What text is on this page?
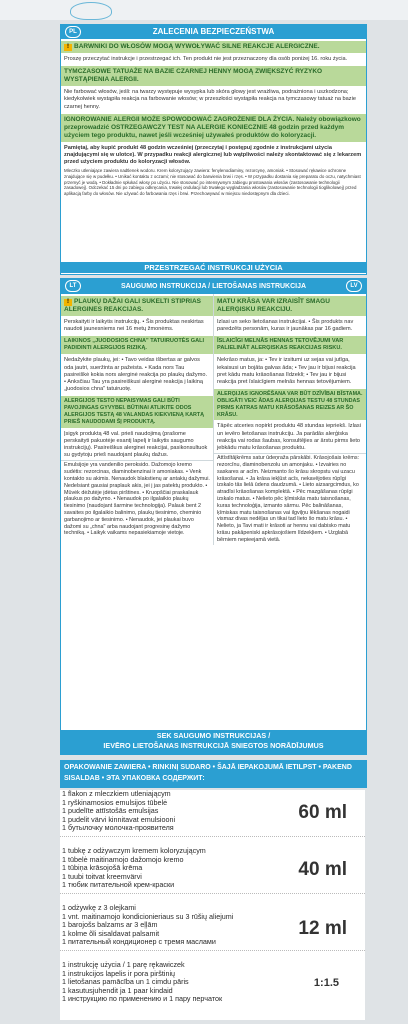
PL	ZALECENIA BEZPIECZEŃSTWA
! BARWNIKI DO WŁOSÓW MOGĄ WYWOŁYWAĆ SILNE REAKCJE ALERGICZNE.
Proszę przeczytać instrukcje i przestrzegać ich. Ten produkt nie jest przeznaczony dla osób poniżej 16. roku życia.
TYMCZASOWE TATUAŻE NA BAZIE CZARNEJ HENNY MOGĄ ZWIĘKSZYĆ RYZYKO WYSTĄPIENIA ALERGII.
Nie farbować włosów, jeśli: na twarzy występuje wysypka lub skóra głowy jest wrażliwa, podrażniona i uszkodzona; kiedykolwiek wystąpiła reakcja na farbowanie włosów; w przeszłości wystąpiła reakcja na tymczasowy tatuaż na bazie czarnej henny.
IGNOROWANIE ALERGII MOŻE SPOWODOWAĆ ZAGROŻENIE DLA ŻYCIA. Należy obowiązkowo przeprowadzić OSTRZEGAWCZY TEST NA ALERGIE KONIECZNIE 48 godzin przed każdym użyciem tego produktu, nawet jeśli wcześniej używałeś produktów do koloryzacji.
Pamiętaj, aby kupić produkt 48 godzin wcześniej (przeczytaj i postępuj zgodnie z instrukcjami użycia znajdującymi się w ulotce). W przypadku reakcji alergicznej lub wątpliwości należy skontaktować się z lekarzem przed użyciem produktu do koloryzacji włosów.
Mleczko utleniające zawiera nadtlenek wodoru. Krem koloryzujący zawiera: fenylenodiaminy, rezorcynę, amoniak. • Stosować rękawice ochronne znajdujące się w pudełku. • Unikać kontaktu z oczami; nie stosować do barwienia brwi i rzęs. • W przypadku dostania się preparatu do oczu, natychmiast przemyć je wodą. • Dokładnie spłukać włosy po użyciu. Nie stosować po intensywnym zabiegu prostowania włosów (zastosowanie technologii zasadowej). Odczekać 15 dni po zabiegu odkręcania, trwałej ondulacji lub trwałego wygładzania włosów (zastosowanie technologii tioglikolowej) przed aplikacją farby do włosów. Nie używać do farbowania rzęs i brwi. Przechowywać w miejscu niedostępnym dla dzieci.
PRZESTRZEGAĆ INSTRUKCJI UŻYCIA
LT	SAUGUMO INSTRUKCIJA / LIETOŠANAS INSTRUKCIJA	LV
! PLAUKŲ DAŽAI GALI SUKELTI STIPRIAS ALERGINES REAKCIJAS.
Perskaityti ir laikytis instrukcijų. • Šis produktas neskirtas naudoti jaunesniems nei 16 metų žmonėms.
LAIKINOS „JUODOSIOS CHNA" TATUIRUOTĖS GALI PADIDINTI ALERGIJOS RIZIKĄ.
Nedažykite plaukų, jei: • Tavo veidas išbertas ar galvos oda jautri, sueržinta ar pažeista. • Kada nors Tau pasireiškė kokia nors alerginė reakcija po plaukų dažymo. • Anksčiau Tau yra pasireiškusi alerginė reakcija į laikiną „juodosios chna" tatuiruotę.
ALERGIJOS TESTO NEPAISYMAS GALI BŪTI PAVOJINGAS GYVYBEI. BŪTINAI ATLIKITE ODOS ALERGIJOS TESTĄ 48 VALANDAS KIEKVIENĄ KARTĄ PRIEŠ NAUDODAMI ŠĮ PRODUKTĄ.
Įsigyk produktą 48 val. prieš naudojimą (prašome perskaityti pakuotėje esantį lapelį ir laikytis saugumo instrukcijų). Pasireiškus alerginei reakcijai, pasikonsultuok su gydytoju prieš naudojant plaukų dažus.
Emulsijoje yra vandenilio peroksido. Dažomojo kremo sudėtis: rezorcinas, diaminobenzinai ir amoniakas. • Venk kontakto su akimis. Nenaudok blakstienų ar antakių dažymui. Nedelsiant gausiai praplauk akis, jei į jas patektų produkto. • Mūvėk dėžutėje įdėtas pirštines. • Kruopščiai praskalauk plaukus po dažymo. • Nenaudok po ilgalaikio plaukų tiesinimo (naudojant šarmine technologija). Palauk bent 2 savaites po ilgalaikio balinimo, plaukų tiesinimo, cheminio garbanojimo ar tiesinimo. • Nenaudok, jei plaukai buvo dažomi su „chna" arba naudojant progresinę dažymo techniką. • Laikyk vaikams nepasiekiamoje vietoje.
MATU KRĀSA VAR IZRAISĪT SMAGU ALERĢISKU REAKCIJU.
Izlasi un seko lietošanas instrukcijai. • Šis produkts nav paredzēts personām, kuras ir jaunākas par 16 gadiem.
ĪSLAICĪGI MELNĀS HENNAS TETOVĒJUMI VAR PALIELINĀT ALERĢISKAS REAKCIJAS RISKU.
Nekrāso matus, ja: • Tev ir izsitumi uz sejas vai jutīga, iekaisusi un bojāta galvas āda; • Tev jau ir bijusi reakcija pret kādu matu krāsošanas līdzekli; • Tev jau ir bijusi reakcija pret īslaicīgiem melnās hennas tetovējumiem.
ALERĢIJAS IGNORĒŠANA VAR BŪT DZĪVĪBAI BĪSTAMA. OBLIGĀTI VEIC ĀDAS ALERĢIJAS TESTU 48 STUNDAS PIRMS KATRAS MATU KRĀSOŠANAS REIZES AR ŠO KRĀSU.
Tāpēc atceries nopirkt produktu 48 stundas iepriekš. Izlasi un ievēro lietošanas instrukciju. Ja parādās alerģiska reakcija vai rodas šaubas, konsultējies ar ārstu pirms lieto jebkādu matu krāsošanas produktu.
Attīstītājkrēms satur ūdeņraža pārskābi. Krāsojošais krēms: rezorcīnu, diaminobenzolu un amonjaku. • Izvairies no saskares ar acīm. Neizmanto šo krāsu skropstu vai uzacu krāsošanai. • Ja krāsa iekļūst acīs, nekavējoties rūpīgi izskalo tās lielā ūdens daudzumā. • Lieto aizsargcimdus, ko atradīsi krāsošanas komplektā. • Pēc mazgāšanas rūpīgi izskalo matus. • Nelieto pēc ķīmiskās matu taisnošanas, kuras technoloģija, izmanto sārmu. Pēc balināšanas, ķīmiskas matu taisnošanas vai ilgviļņu lēkšanas nogaidi vismaz divas nedēļas un tikai tad lieto šo matu krāsu. • Nelieto, ja Tavi mati ir krāsoti ar hennu vai dabisko matu krāsu pakāpeniski apkrāsojošiem līdzekļiem. • Uzglabā bērniem nepieejamā vietā.
SEK SAUGUMO INSTRUKCIJAS /
IEVĒRO LIETOŠANAS INSTRUKCIJĀ SNIEGTOS NORĀDĪJUMUS
OPAKOWANIE ZAWIERA • RINKINĮ SUDARO • ŠAJĀ IEPAKOJUMĀ IETILPST • PAKEND SISALDAB • ЭТА УПАКОВКА СОДЕРЖИТ:
1 flakon z mleczkiem utleniającym
1 ryškinamosios emulsijos tūbelė
1 pudelīte attīstošās emulsijas
1 pudelit värvi kinnitavat emulsiooni
1 бутылочку молочка-проявителя
60 ml
1 tubkę z odżywczym kremem koloryzującym
1 tūbelė maitinamojo dažomojo kremo
1 tūbiņa krāsojošā krēma
1 tuubi toitvat kreemvärvi
1 тюбик питательной крем-краски
40 ml
1 odżywkę z 3 olejkami
1 vnt. maitinamojo kondicionieriaus su 3 rūšių aliejumi
1 barojošs balzams ar 3 eļļām
1 kolme õli sisaldavat palsamit
1 питательный кондиционер с тремя маслами
12 ml
1 instrukcję użycia / 1 parę rękawiczek
1 instrukcijos lapelis ir pora pirštinių
1 lietošanas pamācība un 1 cimdu pāris
1 kasutusjuhendit ja 1 paar kindaid
1 инструкцию по применению и 1 пару перчаток
1:1.5
